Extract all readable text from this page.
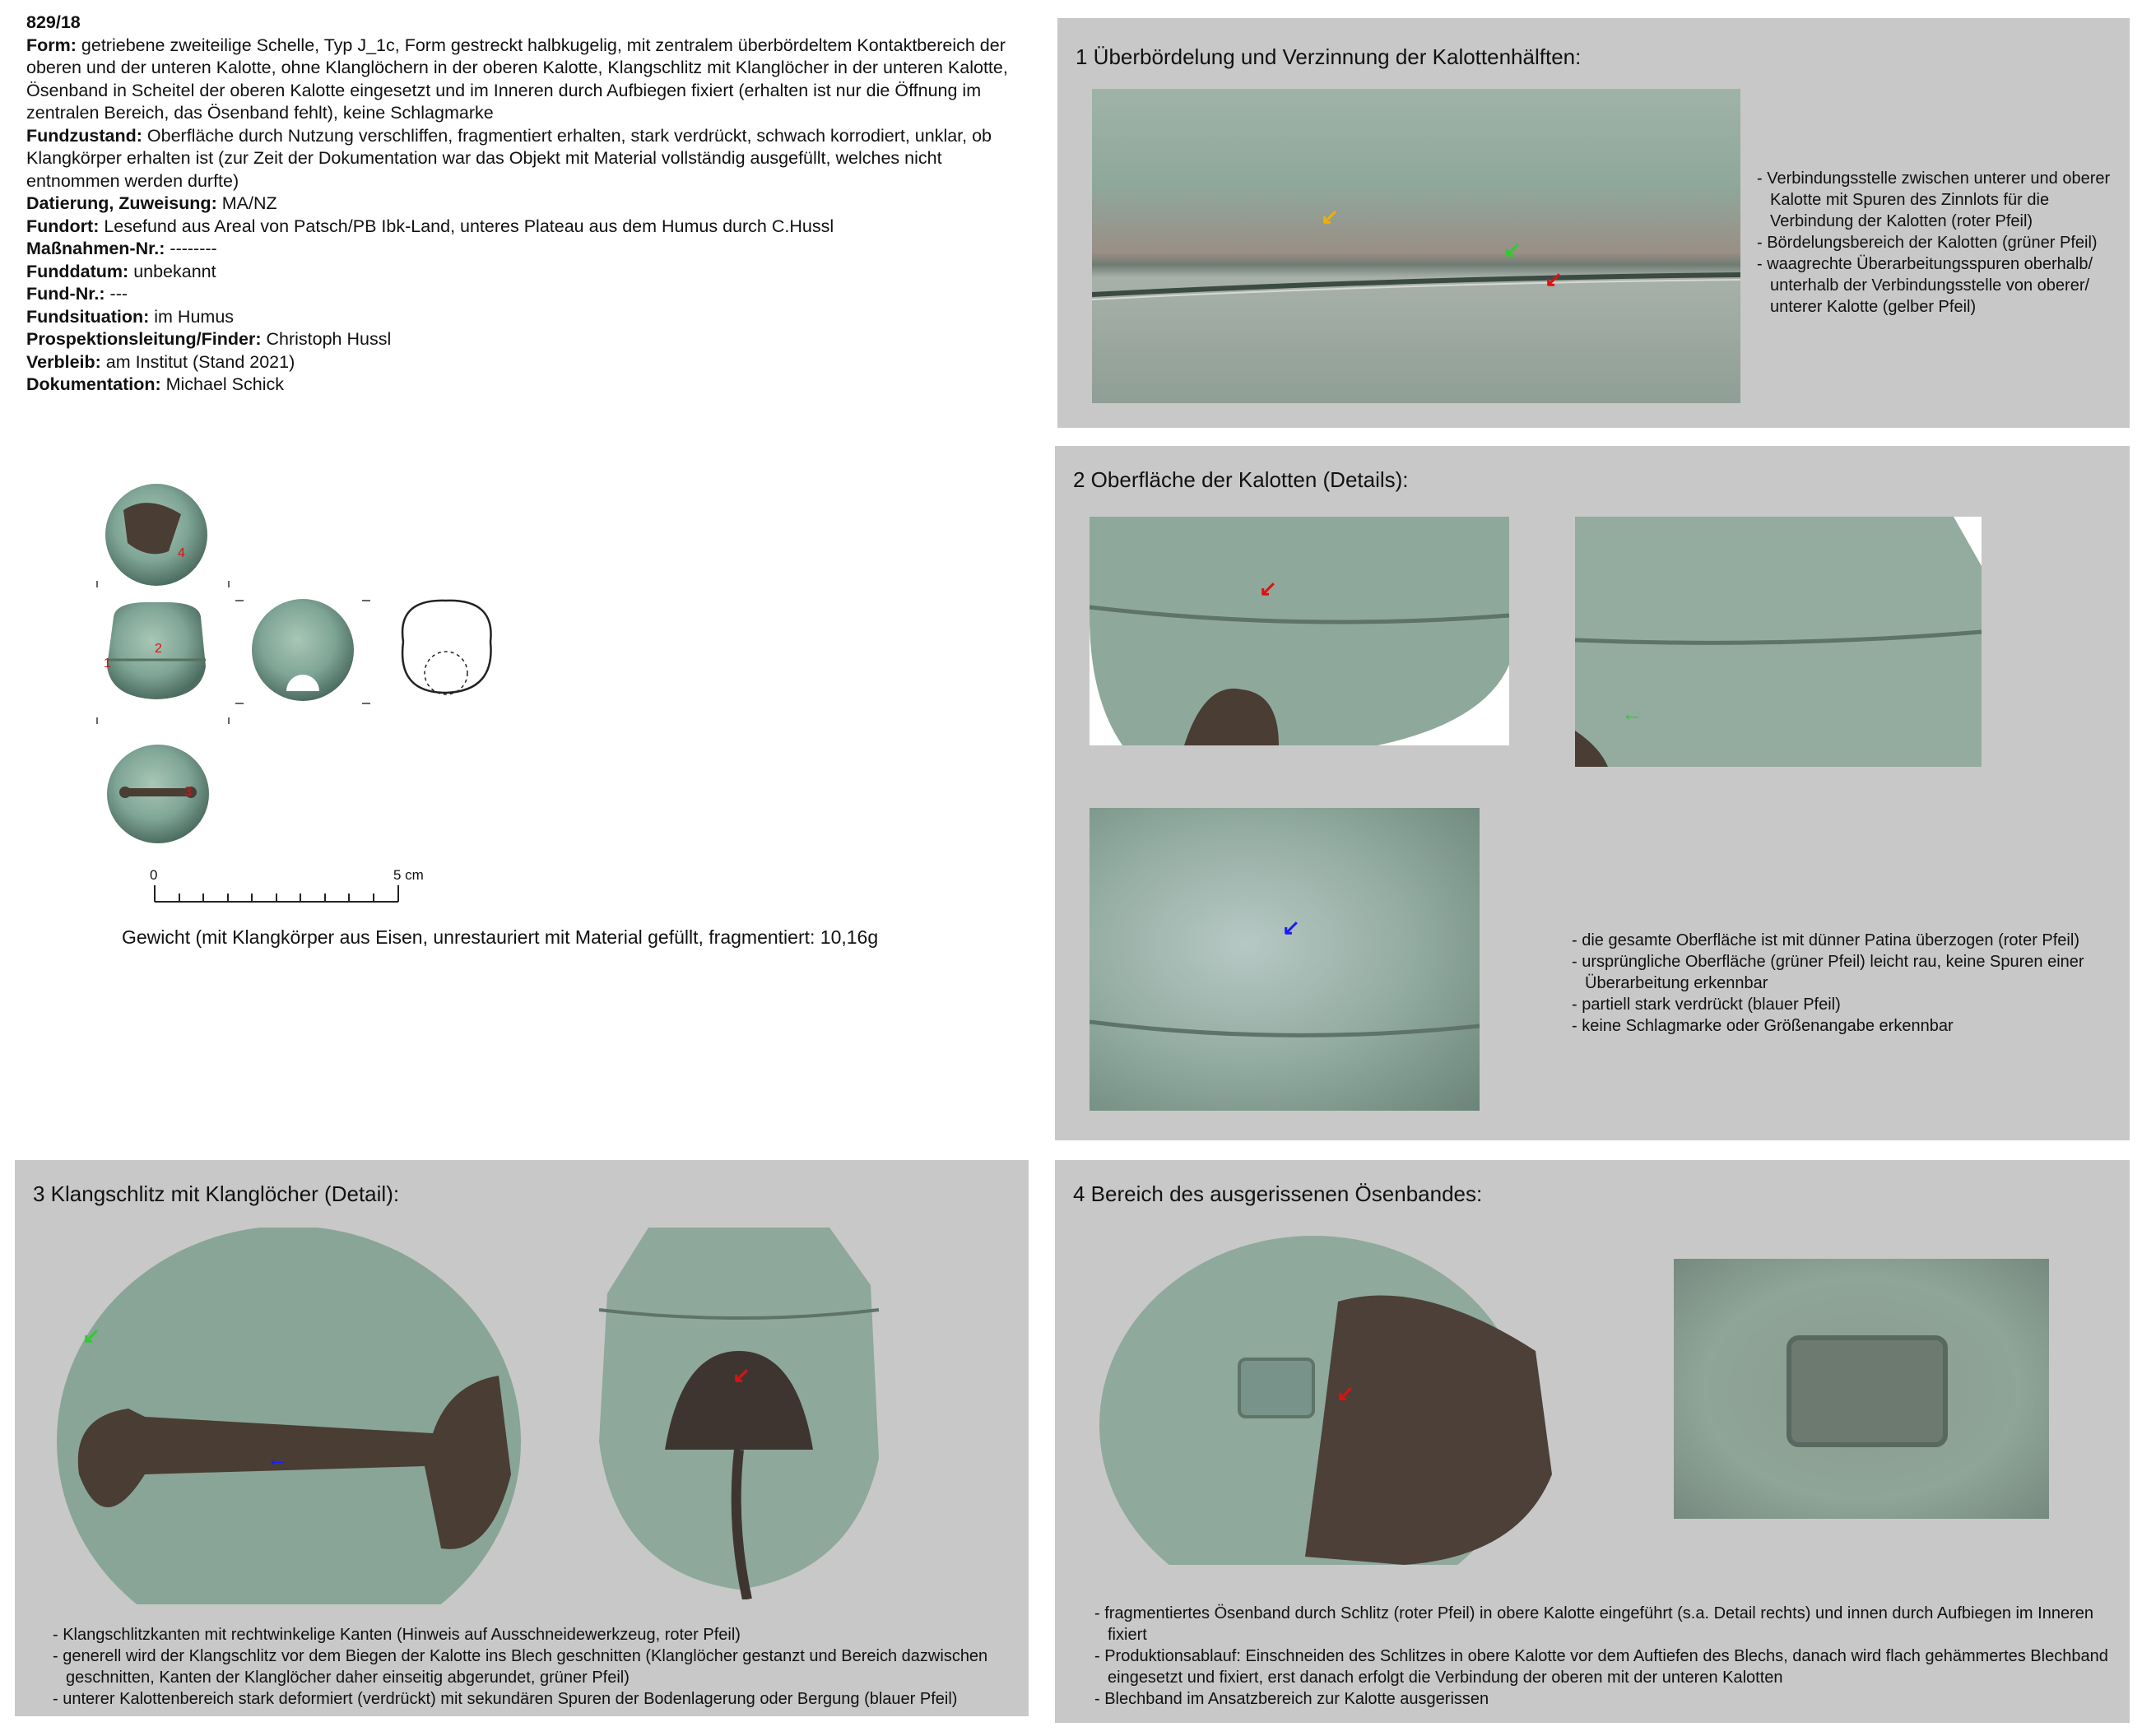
829/18
Form: getriebene zweiteilige Schelle, Typ J_1c, Form gestreckt halbkugelig, mit zentralem überbördeltem Kontaktbereich der oberen und der unteren Kalotte, ohne Klanglöchern in der oberen Kalotte, Klangschlitz mit Klanglöcher in der unteren Kalotte, Ösenband in Scheitel der oberen Kalotte eingesetzt und im Inneren durch Aufbiegen fixiert (erhalten ist nur die Öffnung im zentralen Bereich, das Ösenband fehlt), keine Schlagmarke
Fundzustand: Oberfläche durch Nutzung verschliffen, fragmentiert erhalten, stark verdrückt, schwach korrodiert, unklar, ob Klangkörper erhalten ist (zur Zeit der Dokumentation war das Objekt mit Material vollständig ausgefüllt, welches nicht entnommen werden durfte)
Datierung, Zuweisung: MA/NZ
Fundort: Lesefund aus Areal von Patsch/PB Ibk-Land, unteres Plateau aus dem Humus durch C.Hussl
Maßnahmen-Nr.: --------
Funddatum: unbekannt
Fund-Nr.: ---
Fundsituation: im Humus
Prospektionsleitung/Finder: Christoph Hussl
Verbleib: am Institut (Stand 2021)
Dokumentation: Michael Schick
4
2
1
3
0	5 cm
Gewicht (mit Klangkörper aus Eisen, unrestauriert mit Material gefüllt, fragmentiert: 10,16g
1 Überbördelung und Verzinnung der Kalottenhälften:
↙
↙
↙
- Verbindungsstelle zwischen unterer und oberer Kalotte mit Spuren des Zinnlots für die Verbindung der Kalotten (roter Pfeil)
- Bördelungsbereich der Kalotten (grüner Pfeil)
- waagrechte Überarbeitungsspuren oberhalb/ unterhalb der Verbindungsstelle von oberer/ unterer Kalotte (gelber Pfeil)
2 Oberfläche der Kalotten (Details):
↙
←
↙
- die gesamte Oberfläche ist mit dünner Patina überzogen (roter Pfeil)
- ursprüngliche Oberfläche (grüner Pfeil) leicht rau, keine Spuren einer Überarbeitung erkennbar
- partiell stark verdrückt (blauer Pfeil)
- keine Schlagmarke oder Größenangabe erkennbar
3 Klangschlitz mit Klanglöcher (Detail):
↙
←
↙
- Klangschlitzkanten mit rechtwinkelige Kanten (Hinweis auf Ausschneidewerkzeug, roter Pfeil)
- generell wird der Klangschlitz vor dem Biegen der Kalotte ins Blech geschnitten (Klanglöcher gestanzt und Bereich dazwischen geschnitten, Kanten der Klanglöcher daher einseitig abgerundet, grüner Pfeil)
- unterer Kalottenbereich stark deformiert (verdrückt) mit sekundären Spuren der Bodenlagerung oder Bergung (blauer Pfeil)
4 Bereich des ausgerissenen Ösenbandes:
↙
- fragmentiertes Ösenband durch Schlitz (roter Pfeil) in obere Kalotte eingeführt (s.a. Detail rechts) und innen durch Aufbiegen im Inneren fixiert
- Produktionsablauf: Einschneiden des Schlitzes in obere Kalotte vor dem Auftiefen des Blechs, danach wird flach gehämmertes Blechband eingesetzt und fixiert, erst danach erfolgt die Verbindung der oberen mit der unteren Kalotten
- Blechband im Ansatzbereich zur Kalotte ausgerissen
